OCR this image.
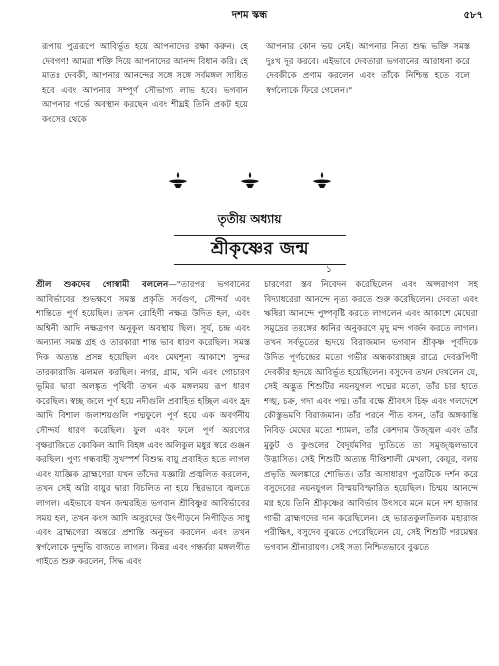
দশম স্কন্ধ	৫৮৭

রূপায় পুত্ররূপে আবির্ভূত হয়ে আপনাদের রক্ষা করুন। হে দেবগণ! আমরা শক্তি দিয়ে আপনাদের আনন্দ বিধান করি। হে মাতঃ দেবকী, আপনার আনন্দের সঙ্গে সঙ্গে সর্বমঙ্গল সাধিত হবে এবং আপনার সম্পূর্ণ সৌভাগ্য লাভ হবে। ভগবান আপনার গর্ভে অবস্থান করছেন এবং শীঘ্রই তিনি প্রকট হয়ে কংসের থেকে

আপনার কোন ভয় নেই। আপনার নিত্য শুদ্ধ ভক্তি সমস্ত দুঃখ দূর করবে। এইভাবে দেবতারা ভগবানের আরাধনা করে দেবকীকে প্রণাম করলেন এবং তাঁকে নিশ্চিন্ত হতে বলে স্বর্গলোকে ফিরে গেলেন।"

তৃতীয় অধ্যায়
শ্রীকৃষ্ণের জন্ম
১

শ্রীল শুকদেব গোস্বামী বললেন—"তারপর ভগবানের আবির্ভাবের শুভক্ষণে সমস্ত প্রকৃতি সর্বগুণ, সৌন্দর্য এবং শান্তিতে পূর্ণ হয়েছিল। তখন রোহিণী নক্ষত্র উদিত হল, এবং অশ্বিনী আদি নক্ষত্রগণ অনুকূল অবস্থায় ছিল। সূর্য, চন্দ্র এবং অন্যান্য সমস্ত গ্রহ ও তারকারা শান্ত ভাব ধারণ করেছিল। সমস্ত দিক অত্যন্ত প্রসন্ন হয়েছিল এবং মেঘশূন্য আকাশে সুন্দর তারকারাজি ঝলমল করছিল। নগর, গ্রাম, খনি এবং গোচারণ ভূমির দ্বারা অলঙ্কৃত পৃথিবী তখন এক মঙ্গলময় রূপ ধারণ করেছিল। স্বচ্ছ জলে পূর্ণ হয়ে নদীগুলি প্রবাহিত হচ্ছিল এবং হ্রদ আদি বিশাল জলাশয়গুলি পদ্মফুলে পূর্ণ হয়ে এক অবর্ণনীয় সৌন্দর্য ধারণ করেছিল। ফুল এবং ফলে পূর্ণ অরণ্যের বৃক্ষরাজিতে কোকিল আদি বিহঙ্গ এবং অলিকুল মধুর স্বরে গুঞ্জন করছিল। পুণ্য গন্ধবাহী সুখস্পর্শ বিশুদ্ধ বায়ু প্রবাহিত হতে লাগল এবং যাজ্ঞিক ব্রাহ্মণেরা যখন তাঁদের যজ্ঞাগ্নি প্রজ্বলিত করলেন, তখন সেই অগ্নি বায়ুর দ্বারা বিচলিত না হয়ে স্থিরভাবে জ্বলতে লাগল। এইভাবে যখন জন্মরহিত ভগবান শ্রীবিষ্ণুর আবির্ভাবের সময় হল, তখন কংস আদি অসুরদের উৎপীড়নে নিপীড়িত সাধু এবং ব্রাহ্মণেরা অন্তরে প্রশান্তি অনুভব করলেন এবং তখন স্বর্গলোকে দুন্দুভি বাজতে লাগল। কিন্নর এবং গন্ধর্বরা মঙ্গলগীত গাইতে শুরু করলেন, সিদ্ধ এবং

চারণেরা স্তব নিবেদন করেছিলেন এবং অপ্সরাগণ সহ বিদ্যাধরেরা আনন্দে নৃত্য করতে শুরু করেছিলেন। দেবতা এবং ঋষিরা আনন্দে পুষ্পবৃষ্টি করতে লাগলেন এবং আকাশে মেঘেরা সমুদ্রের তরঙ্গের ধ্বনির অনুকরণে মৃদু মন্দ গর্জন করতে লাগল। তখন সর্বভূতের হৃদয়ে বিরাজমান ভগবান শ্রীকৃষ্ণ পূর্বদিকে উদিত পূর্ণচন্দ্রের মতো গভীর অন্ধকারাচ্ছন্ন রাত্রে দেবরূপিণী দেবকীর হৃদয়ে আবির্ভূত হয়েছিলেন। বসুদেব তখন দেখলেন যে, সেই অদ্ভুত শিশুটির নয়নযুগল পদ্মের মতো, তাঁর চার হাতে শঙ্খ, চক্র, গদা এবং পদ্ম। তাঁর বক্ষে শ্রীবৎস চিহ্ন এবং গলদেশে কৌস্তুভমণি বিরাজমান। তাঁর পরনে পীত বসন, তাঁর অঙ্গকান্তি নিবিড় মেঘের মতো শ্যামল, তাঁর কেশদাম উজ্জ্বল এবং তাঁর মুকুট ও কুণ্ডলের বৈদূর্যমণির দ্যুতিতে তা সমুজ্জ্বলভাবে উদ্ভাসিত। সেই শিশুটি অত্যন্ত দীপ্তিশালী মেখলা, কেয়ূর, বলয় প্রভৃতি অলঙ্কারে শোভিত। তাঁর অসাধারণ পুত্রটিকে দর্শন করে বসুদেবের নয়নযুগল বিস্ময়বিস্ফারিত হয়েছিল। চিন্ময় আনন্দে মগ্ন হয়ে তিনি শ্রীকৃষ্ণের আবির্ভাব উৎসবে মনে মনে দশ হাজার গাভী ব্রাহ্মণদের দান করেছিলেন। হে ভারতকুলতিলক মহারাজ পরীক্ষিৎ, বসুদেব বুঝতে পেরেছিলেন যে, সেই শিশুটি পরমেশ্বর ভগবান শ্রীনারায়ণ। সেই সত্য নিশ্চিতভাবে বুঝতে
